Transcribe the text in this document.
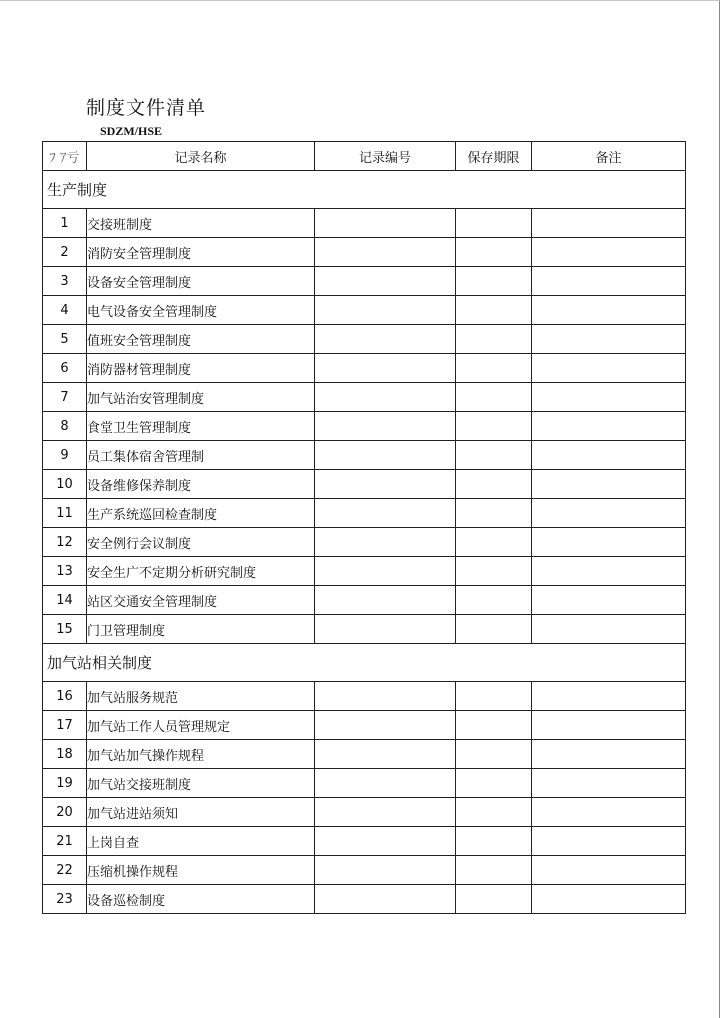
制度文件清单
SDZM/HSE
ﾌ ｱ亏	记录名称	记录编号	保存期限	备注
生产制度				
1	交接班制度			
2	消防安全管理制度			
3	设备安全管理制度			
4	电气设备安全管理制度			
5	值班安全管理制度			
6	消防器材管理制度			
7	加气站治安管理制度			
8	食堂卫生管理制度			
9	员工集体宿舍管理制			
10	设备维修保养制度			
11	生产系统巡回检查制度			
12	安全例行会议制度			
13	安全生广不定期分析研究制度			
14	站区交通安全管理制度			
15	门卫管理制度			
加气站相关制度				
16	加气站服务规范			
17	加气站工作人员管理规定			
18	加气站加气操作规程			
19	加气站交接班制度			
20	加气站进站须知			
21	上岗自查			
22	压缩机操作规程			
23	设备巡检制度			
